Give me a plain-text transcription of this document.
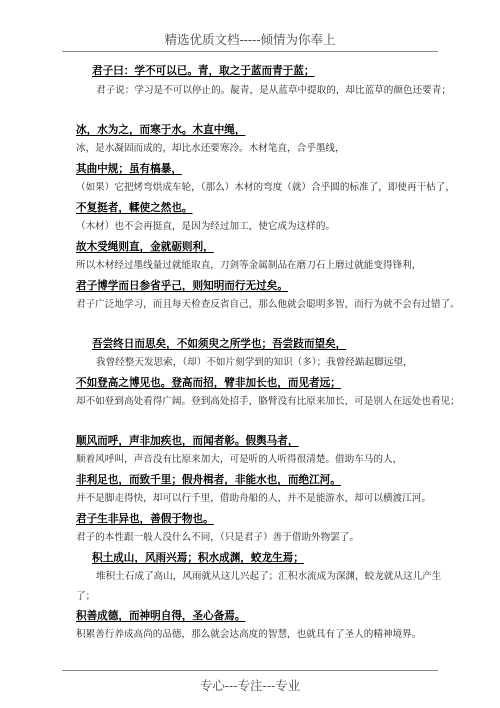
精选优质文档-----倾情为你奉上
君子曰：学不可以已。青，取之于蓝而青于蓝；
君子说：学习是不可以停止的。靛青，是从蓝草中提取的，却比蓝草的颜色还要青；
冰，水为之，而寒于水。木直中绳，
冰，是水凝固而成的，却比水还要寒冷。木材笔直，合乎墨线，
其曲中规；虽有槁暴，
（如果）它把烤弯烘成车轮，（那么）木材的弯度（就）合乎圆的标准了，即使再干枯了，
不复挺者，輮使之然也。
（木材）也不会再挺直，是因为经过加工，使它成为这样的。
故木受绳则直，金就砺则利，
所以木材经过墨线量过就能取直，刀剑等金属制品在磨刀石上磨过就能变得锋利，
君子博学而日参省乎己，则知明而行无过矣。
君子广泛地学习，而且每天检查反省自己，那么他就会聪明多智，而行为就不会有过错了。
吾尝终日而思矣，不如须臾之所学也；吾尝跂而望矣，
我曾经整天发思索，（却）不如片刻学到的知识（多）；我曾经踮起脚远望，
不如登高之博见也。登高而招，臂非加长也，而见者远；
却不如登到高处看得广阔。登到高处招手，胳臂没有比原来加长，可是别人在远处也看见；
顺风而呼，声非加疾也，而闻者彰。假舆马者，
顺着风呼叫，声音没有比原来加大，可是听的人听得很清楚。借助车马的人，
非利足也，而致千里；假舟楫者，非能水也，而绝江河。
并不是脚走得快，却可以行千里，借助舟船的人，并不是能游水，却可以横渡江河。
君子生非异也，善假于物也。
君子的本性跟一般人没什么不同，（只是君子）善于借助外物罢了。
积土成山，风雨兴焉；积水成渊，蛟龙生焉；
堆积土石成了高山，风雨就从这儿兴起了；汇积水流成为深渊，蛟龙就从这儿产生
了；
积善成德，而神明自得，圣心备焉。
积累善行养成高尚的品德，那么就会达高度的智慧，也就具有了圣人的精神境界。
专心---专注---专业
